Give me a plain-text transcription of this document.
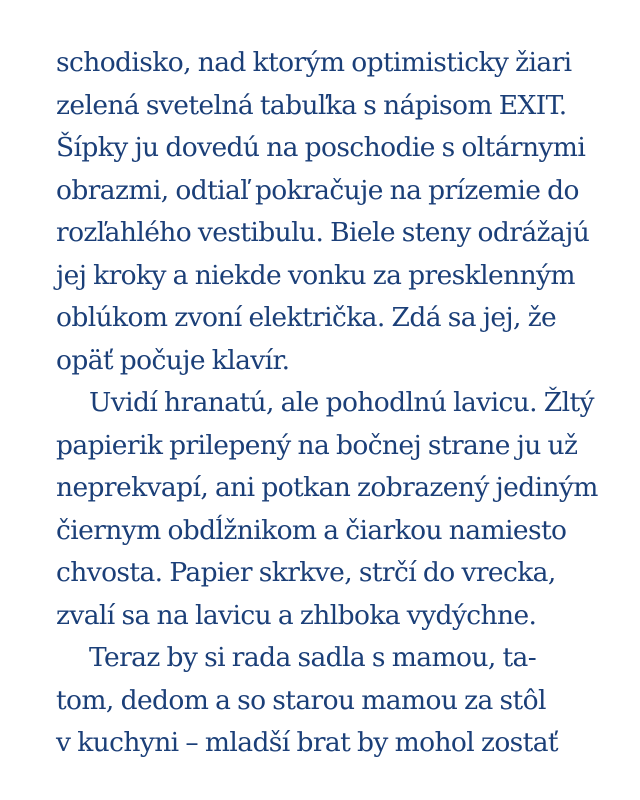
schodisko, nad ktorým optimisticky žiari
zelená svetelná tabuľka s nápisom EXIT.
Šípky ju dovedú na poschodie s oltárnymi
obrazmi, odtiaľ pokračuje na prízemie do
rozľahlého vestibulu. Biele steny odrážajú
jej kroky a niekde vonku za presklenným
oblúkom zvoní električka. Zdá sa jej, že
opäť počuje klavír.
Uvidí hranatú, ale pohodlnú lavicu. Žltý
papierik prilepený na bočnej strane ju už
neprekvapí, ani potkan zobrazený jediným
čiernym obdĺžnikom a čiarkou namiesto
chvosta. Papier skrkve, strčí do vrecka,
zvalí sa na lavicu a zhlboka vydýchne.
Teraz by si rada sadla s mamou, ta-
tom, dedom a so starou mamou za stôl
v kuchyni – mladší brat by mohol zostať
